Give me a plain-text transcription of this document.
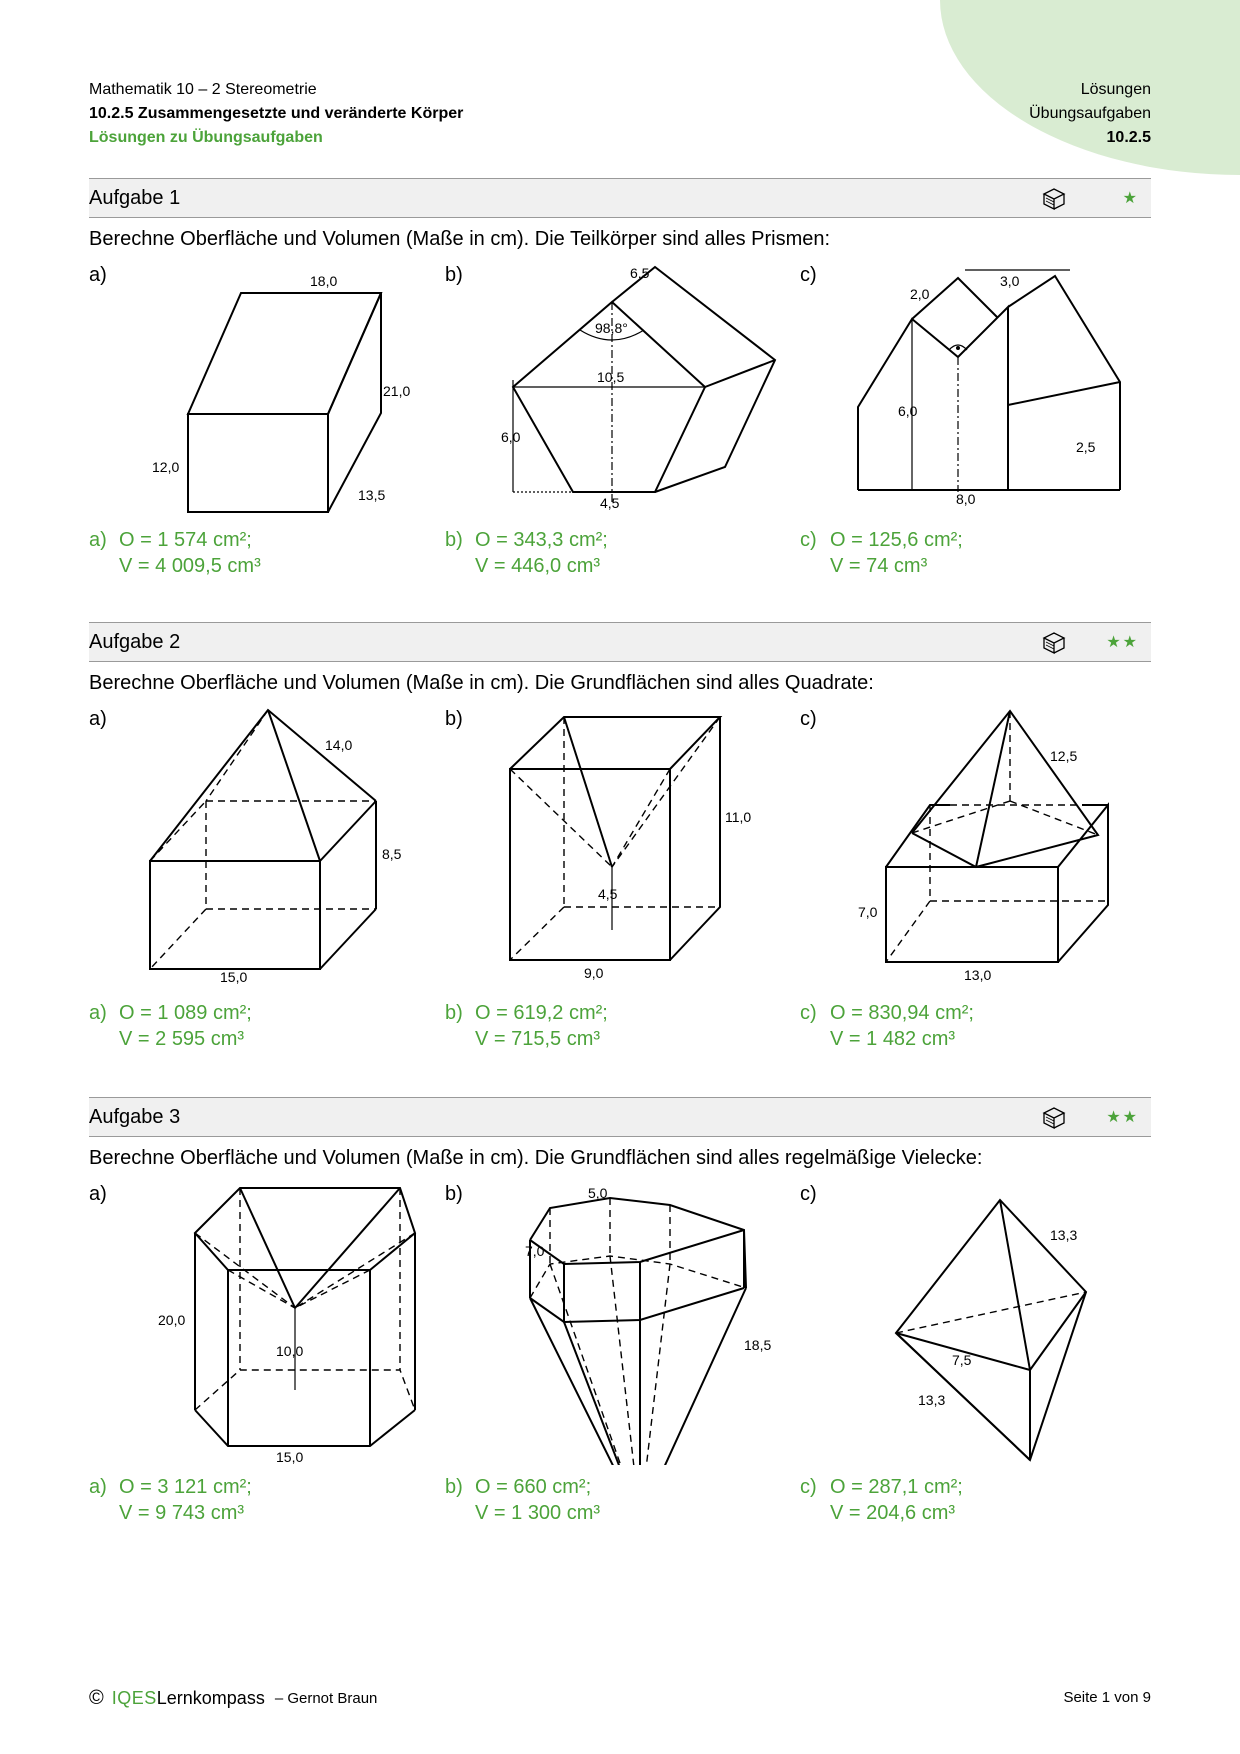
Mathematik 10 – 2 Stereometrie
10.2.5 Zusammengesetzte und veränderte Körper
Lösungen zu Übungsaufgaben
Lösungen
Übungsaufgaben
10.2.5
Aufgabe 1	★
Berechne Oberfläche und Volumen (Maße in cm). Die Teilkörper sind alles Prismen:
a)	18,0
21,0
12,0
13,5
b)	6,5
98,8°
10,5
6,0
4,5
c)	3,0
2,0
6,0
2,5
8,0
a) O = 1 574 cm²;
V = 4 009,5 cm³
b) O = 343,3 cm²;
V = 446,0 cm³
c) O = 125,6 cm²;
V = 74 cm³
Aufgabe 2	★★
Berechne Oberfläche und Volumen (Maße in cm). Die Grundflächen sind alles Quadrate:
a)
14,0
8,5
15,0
b)
11,0
4,5
9,0
c)
12,5
7,0
13,0
a) O = 1 089 cm²;
V = 2 595 cm³
b) O = 619,2 cm²;
V = 715,5 cm³
c) O = 830,94 cm²;
V = 1 482 cm³
Aufgabe 3	★★
Berechne Oberfläche und Volumen (Maße in cm). Die Grundflächen sind alles regelmäßige Vielecke:
a)
20,0
10,0
15,0
b)
7,0
5,0
18,5
c)
13,3
7,5
13,3
a) O = 3 121 cm²;
V = 9 743 cm³
b) O = 660 cm²;
V = 1 300 cm³
c) O = 287,1 cm²;
V = 204,6 cm³
© IQES Lernkompass – Gernot Braun	Seite 1 von 9
